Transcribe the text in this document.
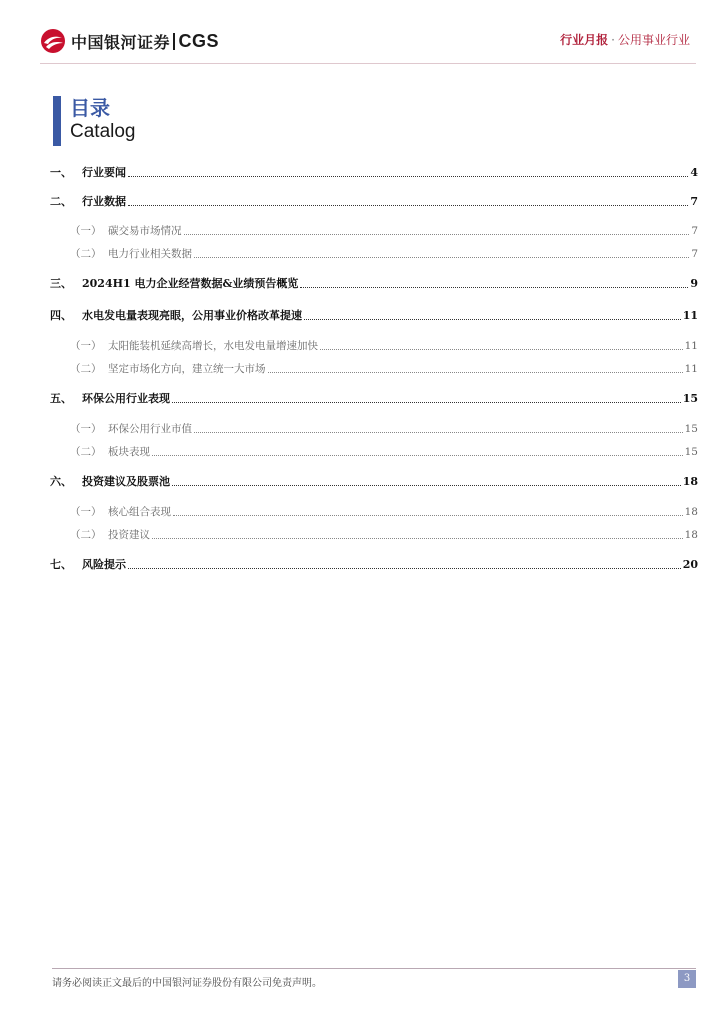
中国银河证券 CGS	行业月报 · 公用事业行业
目录
Catalog
一、 行业要闻	4
二、 行业数据	7
（一） 碳交易市场情况	7
（二） 电力行业相关数据	7
三、 2024H1 电力企业经营数据&业绩预告概览	9
四、 水电发电量表现亮眼，公用事业价格改革提速	11
（一） 太阳能装机延续高增长，水电发电量增速加快	11
（二） 坚定市场化方向，建立统一大市场	11
五、 环保公用行业表现	15
（一） 环保公用行业市值	15
（二） 板块表现	15
六、 投资建议及股票池	18
（一） 核心组合表现	18
（二） 投资建议	18
七、 风险提示	20
请务必阅读正文最后的中国银河证券股份有限公司免责声明。	3
